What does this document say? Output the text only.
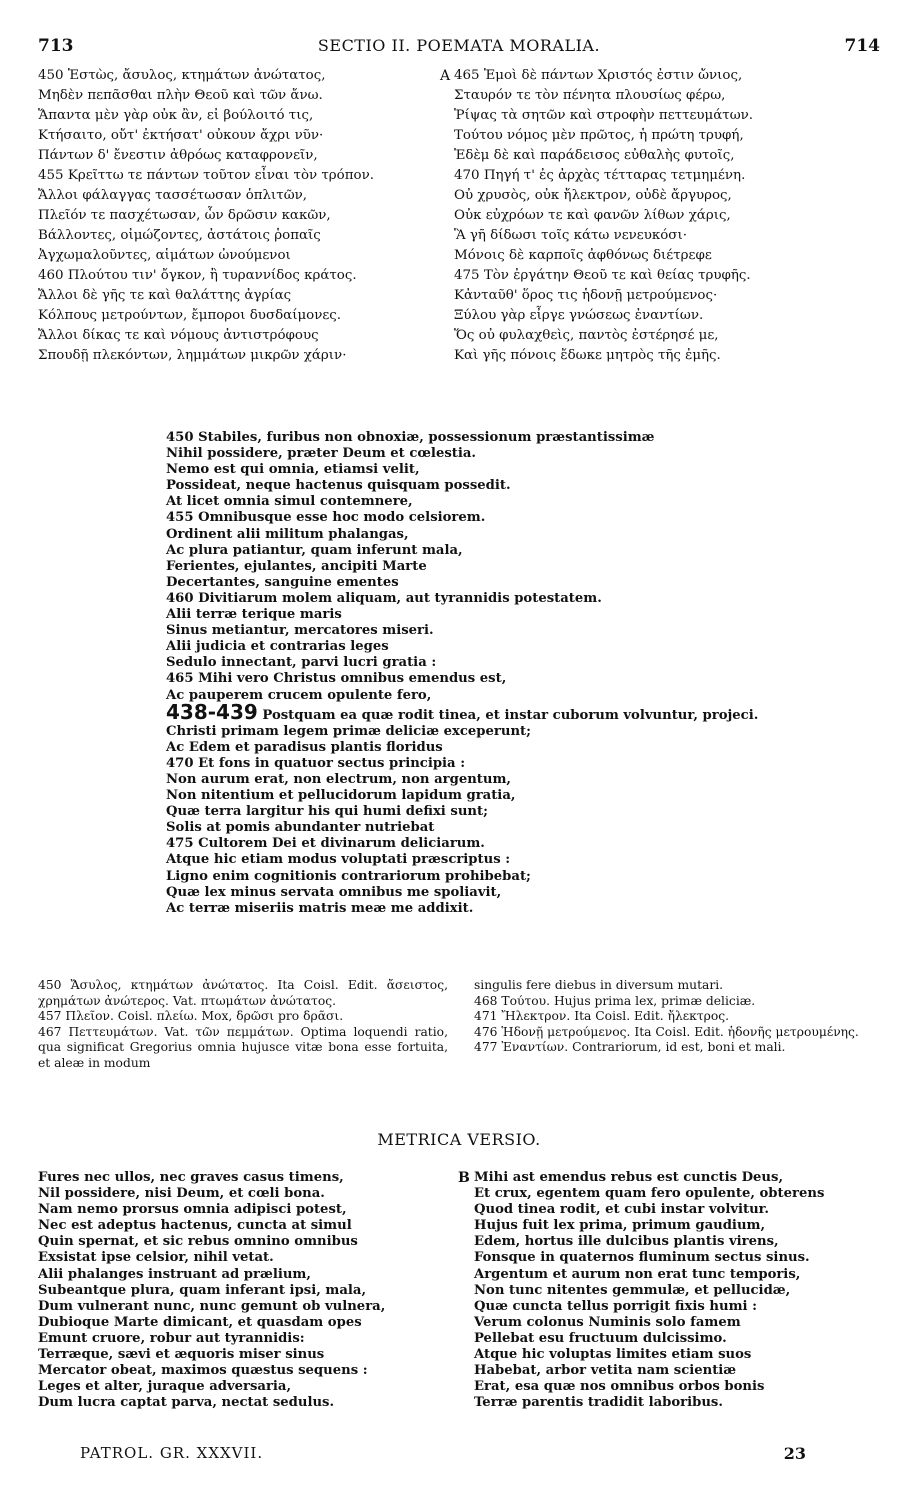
713	SECTIO II. POEMATA MORALIA.	714
450 Ἑστὼς, ἄσυλος, κτημάτων ἀνώτατος,
Μηδὲν πεπᾶσθαι πλὴν Θεοῦ καὶ τῶν ἄνω.
Ἅπαντα μὲν γὰρ οὐκ ἂν, εἰ βούλοιτό τις,
Κτήσαιτο, οὔτ' ἐκτήσατ' οὐκουν ἄχρι νῦν·
Πάντων δ' ἔνεστιν ἀθρόως καταφρονεῖν,
455 Κρεῖττω τε πάντων τοῦτον εἶναι τὸν τρόπον.
Ἄλλοι φάλαγγας τασσέτωσαν ὁπλιτῶν,
Πλεῖόν τε πασχέτωσαν, ὧν δρῶσιν κακῶν,
Βάλλοντες, οἰμώζοντες, ἀστάτοις ῥοπαῖς
Ἀγχωμαλοῦντες, αἱμάτων ὠνούμενοι
460 Πλούτου τιν' ὄγκον, ἢ τυραννίδος κράτος.
Ἄλλοι δὲ γῆς τε καὶ θαλάττης ἀγρίας
Κόλπους μετρούντων, ἔμποροι δυσδαίμονες.
Ἄλλοι δίκας τε καὶ νόμους ἀντιστρόφους
Σπουδῇ πλεκόντων, λημμάτων μικρῶν χάριν·
A 465 Ἐμοὶ δὲ πάντων Χριστός ἐστιν ὤνιος,
Σταυρόν τε τὸν πένητα πλουσίως φέρω,
Ῥίψας τὰ σητῶν καὶ στροφὴν πεττευμάτων.
Τούτου νόμος μὲν πρῶτος, ἡ πρώτη τρυφή,
Ἐδὲμ δὲ καὶ παράδεισος εὐθαλὴς φυτοῖς,
470 Πηγή τ' ἐς ἀρχὰς τέτταρας τετμημένη.
Οὐ χρυσὸς, οὐκ ἤλεκτρον, οὐδὲ ἄργυρος,
Οὐκ εὐχρόων τε καὶ φανῶν λίθων χάρις,
Ἃ γῆ δίδωσι τοῖς κάτω νενευκόσι·
Μόνοις δὲ καρποῖς ἀφθόνως διέτρεφε
475 Τὸν ἐργάτην Θεοῦ τε καὶ θείας τρυφῆς.
Κἀνταῦθ' ὅρος τις ἡδονῇ μετρούμενος·
Ξύλου γὰρ εἶργε γνώσεως ἐναντίων.
Ὅς οὐ φυλαχθεὶς, παντὸς ἐστέρησέ με,
Καὶ γῆς πόνοις ἔδωκε μητρὸς τῆς ἐμῆς.
450 Stabiles, furibus non obnoxiæ, possessionum præstantissimæ
Nihil possidere, præter Deum et cœlestia.
Nemo est qui omnia, etiamsi velit,
Possideat, neque hactenus quisquam possedit.
At licet omnia simul contemnere,
455 Omnibusque esse hoc modo celsiorem.
Ordinent alii militum phalangas,
Ac plura patiantur, quam inferunt mala,
Ferientes, ejulantes, ancipiti Marte
Decertantes, sanguine ementes
460 Divitiarum molem aliquam, aut tyrannidis potestatem.
Alii terræ terique maris
Sinus metiantur, mercatores miseri.
Alii judicia et contrarias leges
Sedulo innectant, parvi lucri gratia :
465 Mihi vero Christus omnibus emendus est,
Ac pauperem crucem opulente fero,
438-439 Postquam ea quæ rodit tinea, et instar cuborum volvuntur, projeci.
Christi primam legem primæ deliciæ exceperunt;
Ac Edem et paradisus plantis floridus
470 Et fons in quatuor sectus principia :
Non aurum erat, non electrum, non argentum,
Non nitentium et pellucidorum lapidum gratia,
Quæ terra largitur his qui humi defixi sunt;
Solis at pomis abundanter nutriebat
475 Cultorem Dei et divinarum deliciarum.
Atque hic etiam modus voluptati præscriptus :
Ligno enim cognitionis contrariorum prohibebat;
Quæ lex minus servata omnibus me spoliavit,
Ac terræ miseriis matris meæ me addixit.

450 Ἄσυλος, κτημάτων ἀνώτατος. Ita Coisl. Edit. ἄσειστος, χρημάτων ἀνώτερος. Vat. πτωμάτων ἀνώτατος.

457 Πλεῖον. Coisl. πλείω. Mox, δρῶσι pro δρᾶσι.

467 Πεττευμάτων. Vat. τῶν πεμμάτων. Optima loquendi ratio, qua significat Gregorius omnia hujusce vitæ bona esse fortuita, et aleæ in modum

singulis fere diebus in diversum mutari.

468 Τούτου. Hujus prima lex, primæ deliciæ.

471 Ἤλεκτρον. Ita Coisl. Edit. ἤλεκτρος.

476 Ἡδονῇ μετρούμενος. Ita Coisl. Edit. ἡδονῆς μετρουμένης.

477 Ἐναντίων. Contrariorum, id est, boni et mali.

METRICA VERSIO.
Fures nec ullos, nec graves casus timens,
Nil possidere, nisi Deum, et cœli bona.
Nam nemo prorsus omnia adipisci potest,
Nec est adeptus hactenus, cuncta at simul
Quin spernat, et sic rebus omnino omnibus
Exsistat ipse celsior, nihil vetat.
Alii phalanges instruant ad prælium,
Subeantque plura, quam inferant ipsi, mala,
Dum vulnerant nunc, nunc gemunt ob vulnera,
Dubioque Marte dimicant, et quasdam opes
Emunt cruore, robur aut tyrannidis:
Terræque, sævi et æquoris miser sinus
Mercator obeat, maximos quæstus sequens :
Leges et alter, juraque adversaria,
Dum lucra captat parva, nectat sedulus.
B Mihi ast emendus rebus est cunctis Deus,
Et crux, egentem quam fero opulente, obterens
Quod tinea rodit, et cubi instar volvitur.
Hujus fuit lex prima, primum gaudium,
Edem, hortus ille dulcibus plantis virens,
Fonsque in quaternos fluminum sectus sinus.
Argentum et aurum non erat tunc temporis,
Non tunc nitentes gemmulæ, et pellucidæ,
Quæ cuncta tellus porrigit fixis humi :
Verum colonus Numinis solo famem
Pellebat esu fructuum dulcissimo.
Atque hic voluptas limites etiam suos
Habebat, arbor vetita nam scientiæ
Erat, esa quæ nos omnibus orbos bonis
Terræ parentis tradidit laboribus.
PATROL. GR. XXXVII.	23
